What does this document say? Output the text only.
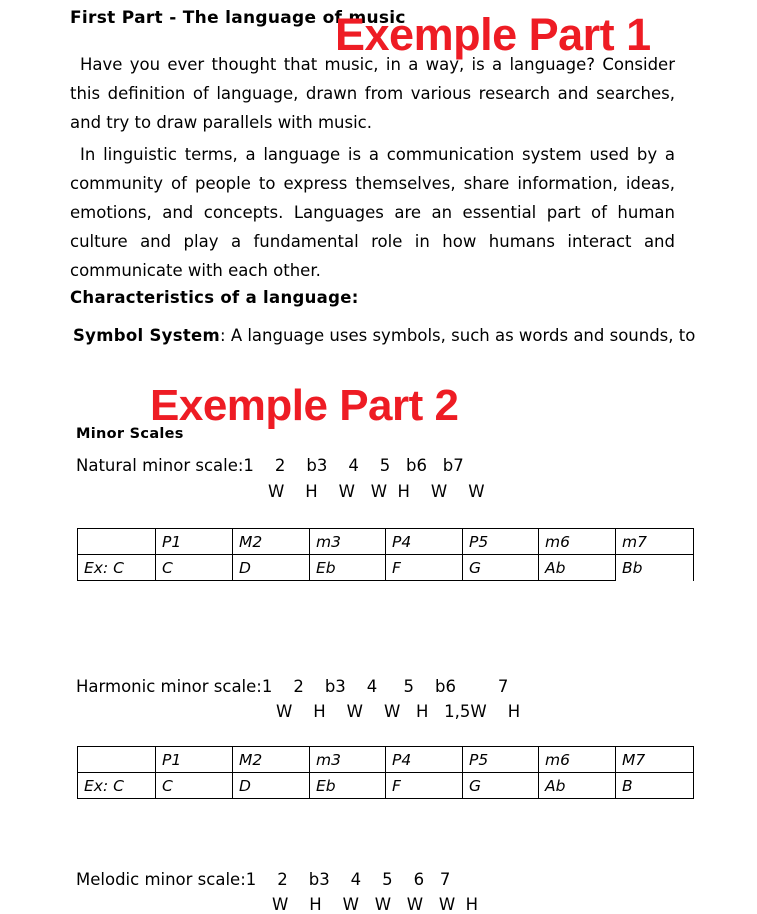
First Part - The language of music
Have you ever thought that music, in a way, is a language? Consider this definition of language, drawn from various research and searches, and try to draw parallels with music.
In linguistic terms, a language is a communication system used by a community of people to express themselves, share information, ideas, emotions, and concepts. Languages are an essential part of human culture and play a fundamental role in how humans interact and communicate with each other.
Characteristics of a language:
Symbol System: A language uses symbols, such as words and sounds, to
Minor Scales
Natural minor scale:1    2    b3    4    5   b6   b7
W    H    W   W  H    W    W
	P1	M2	m3	P4	P5	m6	m7
Ex: C	C	D	Eb	F	G	Ab	Bb
Harmonic minor scale:1    2    b3    4     5    b6        7
W    H    W    W   H   1,5W    H
	P1	M2	m3	P4	P5	m6	M7
Ex: C	C	D	Eb	F	G	Ab	B
Melodic minor scale:1    2    b3    4    5    6   7
W    H    W   W   W   W  H
Exemple Part 1
Exemple Part 2
